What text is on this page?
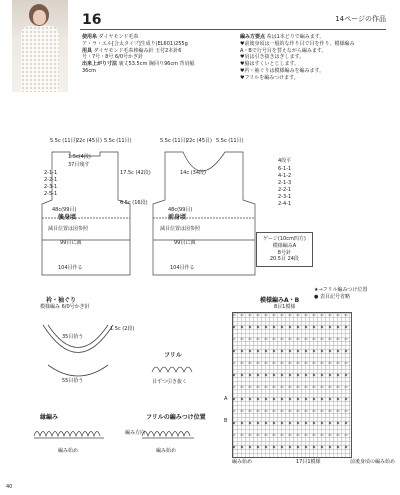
16	14ページの作品
使用糸 ダイヤモンド毛糸
ア・ラ・エル[合太タイプ]生成り(EL601)255g
用具 ダイヤモンド毛糸棒編み針 玉付2本針6
号・7号・8号 6/0号かぎ針
出来上がり寸法 裏丈53.5cm 胸回り96cm 背肩幅
36cm
編み方要点 糸は1本どりで編みます。
♥前後身頃は一般的な作り目で目を作り、模様編み
A・Bで行号目を替えながら編みます。
♥肩は引き抜きはぎします。
♥脇はすくいとじします。
♥衿・袖ぐりは模様編みを編みます。
♥フリルを編みつけます。
5.5c (11目)
22c (45目) 5.5c (11目)	5.5c (11目)
22c (45目) 5.5c (11目)
1.5c(4段)
37目残す
2-1-1
2-2-1
2-3-1
2-5-1
17.5c (42段)
6.5c (16段)
48c(99目)	48c(99目)
14c (34段)
後身頃	前身頃
減目位置は図参照	減目位置は図参照
99目に減	99目に減
104目作る	104目作る
4段平
6-1-1
4-1-2
2-1-3
2-2-1
2-3-1
2-4-1
ゲージ(10cm四方)
模様編みA
8号針
20.5目 24段
衿・袖ぐり
模様編み 6/0号かぎ針
35目拾う
55目拾う
1.5c (2段)
フリル
目ずつ引き抜く
縁編み
編み始め
フリルの編みつけ位置
編み方向
編み始め
模様編みA・B
★→フリル編みつけ位置
● 表目記号省略
8目1模様
A
B
編み始め	17目1模様	前後身頃の編み始め
40
